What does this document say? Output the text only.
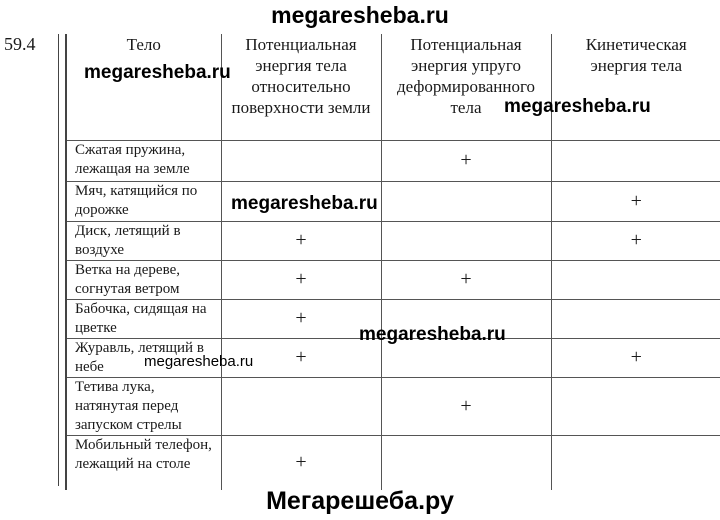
megaresheba.ru
59.4	Тело	Потенциальная энергия тела относительно поверхности земли	Потенциальная энергия упруго деформированного тела	Кинетическая энергия тела
Сжатая пружина, лежащая на земле		+	
Мяч, катящийся по дорожке			+
Диск, летящий в воздухе	+		+
Ветка на дереве, согнутая ветром	+	+	
Бабочка, сидящая на цветке	+		
Журавль, летящий в небе	+		+
Тетива лука, натянутая перед запуском стрелы		+	
Мобильный телефон, лежащий на столе	+		
megaresheba.ru
megaresheba.ru
megaresheba.ru
megaresheba.ru
megaresheba.ru
Мегарешеба.ру
